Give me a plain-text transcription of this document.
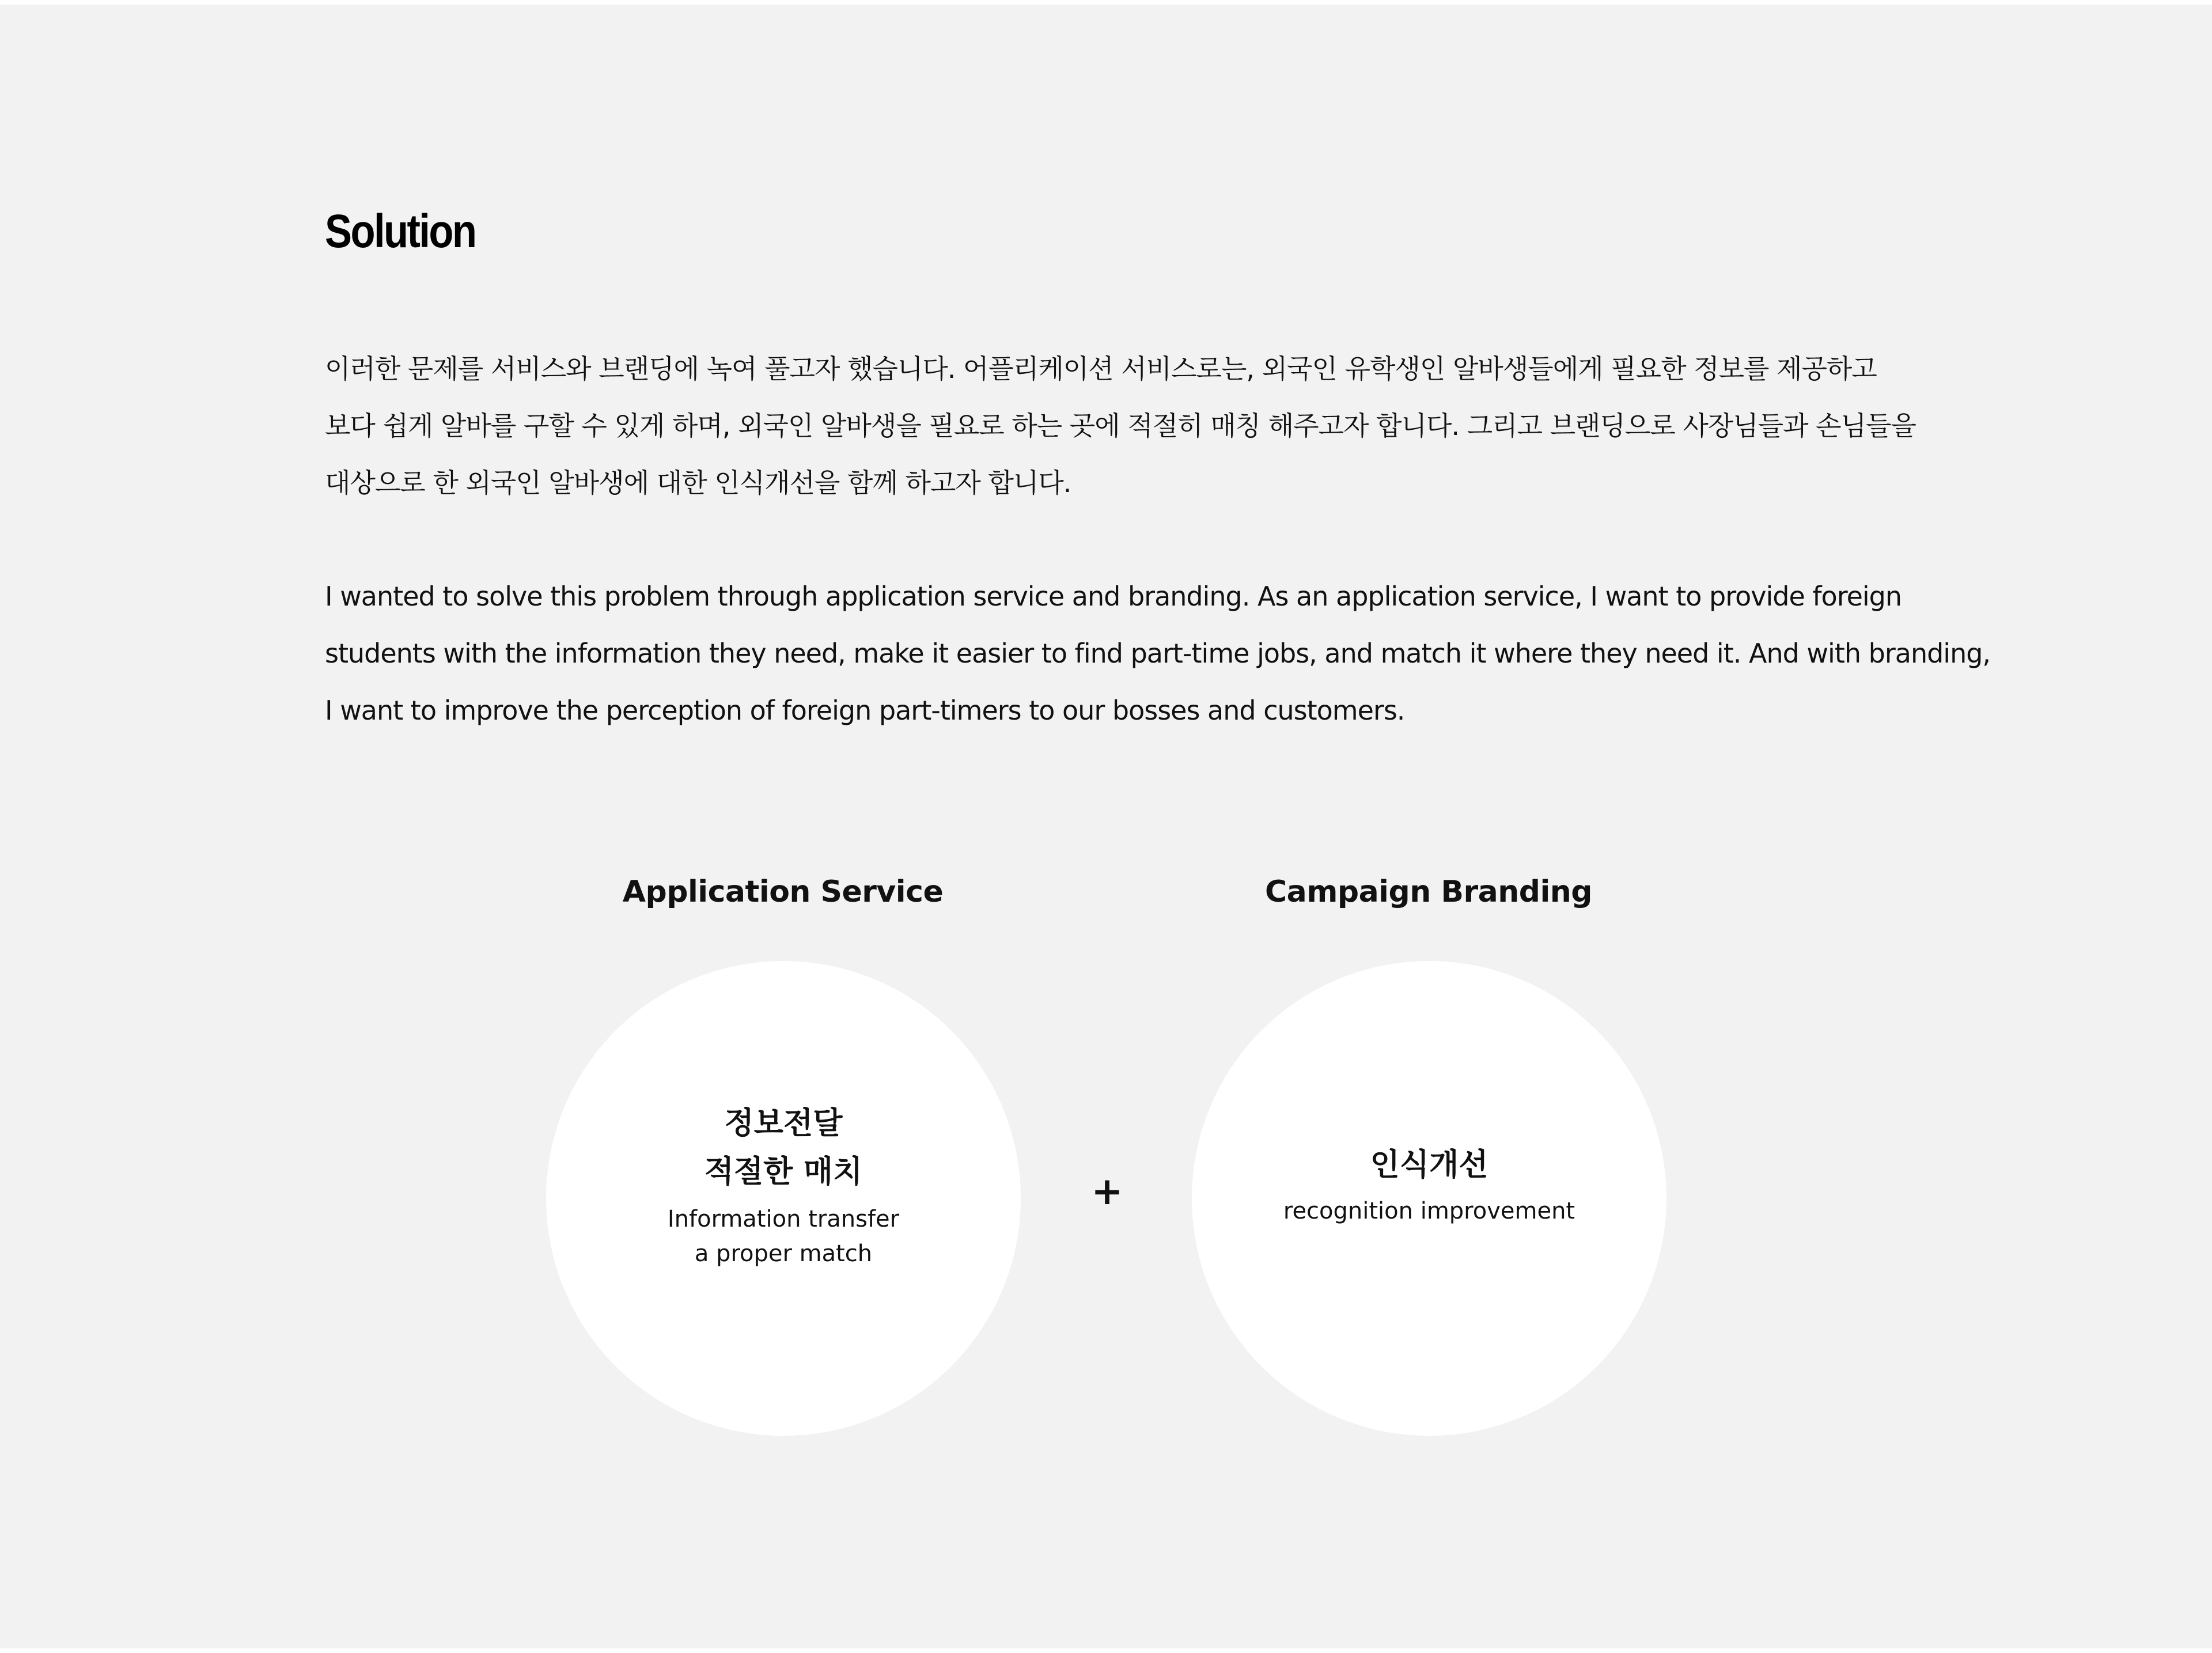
Solution

이러한 문제를 서비스와 브랜딩에 녹여 풀고자 했습니다. 어플리케이션 서비스로는, 외국인 유학생인 알바생들에게 필요한 정보를 제공하고
보다 쉽게 알바를 구할 수 있게 하며, 외국인 알바생을 필요로 하는 곳에 적절히 매칭 해주고자 합니다. 그리고 브랜딩으로 사장님들과 손님들을
대상으로 한 외국인 알바생에 대한 인식개선을 함께 하고자 합니다.

I wanted to solve this problem through application service and branding. As an application service, I want to provide foreign
students with the information they need, make it easier to find part-time jobs, and match it where they need it. And with branding,
I want to improve the perception of foreign part-timers to our bosses and customers.

Application Service	Campaign Branding
정보전달
적절한 매치
Information transfer
a proper match
+
인식개선
recognition improvement
